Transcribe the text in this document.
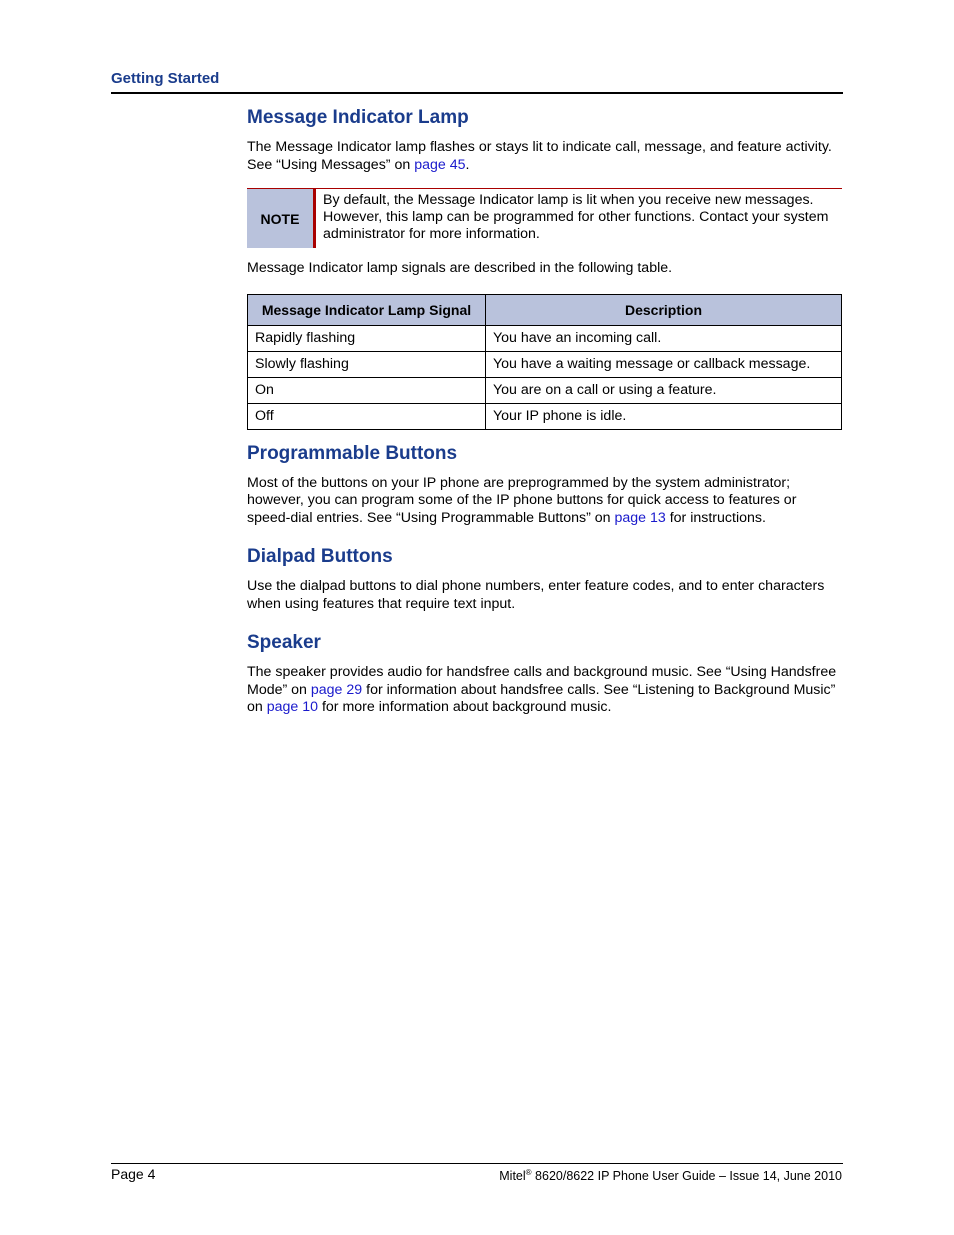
Getting Started
Message Indicator Lamp

The Message Indicator lamp flashes or stays lit to indicate call, message, and feature activity. See “Using Messages” on page 45.

NOTE
By default, the Message Indicator lamp is lit when you receive new messages. However, this lamp can be programmed for other functions. Contact your system administrator for more information.

Message Indicator lamp signals are described in the following table.

Message Indicator Lamp Signal	Description
Rapidly flashing	You have an incoming call.
Slowly flashing	You have a waiting message or callback message.
On	You are on a call or using a feature.
Off	Your IP phone is idle.
Programmable Buttons

Most of the buttons on your IP phone are preprogrammed by the system administrator; however, you can program some of the IP phone buttons for quick access to features or speed-dial entries. See “Using Programmable Buttons” on page 13 for instructions.

Dialpad Buttons

Use the dialpad buttons to dial phone numbers, enter feature codes, and to enter characters when using features that require text input.

Speaker

The speaker provides audio for handsfree calls and background music. See “Using Handsfree Mode” on page 29 for information about handsfree calls. See “Listening to Background Music” on page 10 for more information about background music.

Page 4	Mitel® 8620/8622 IP Phone User Guide – Issue 14, June 2010
